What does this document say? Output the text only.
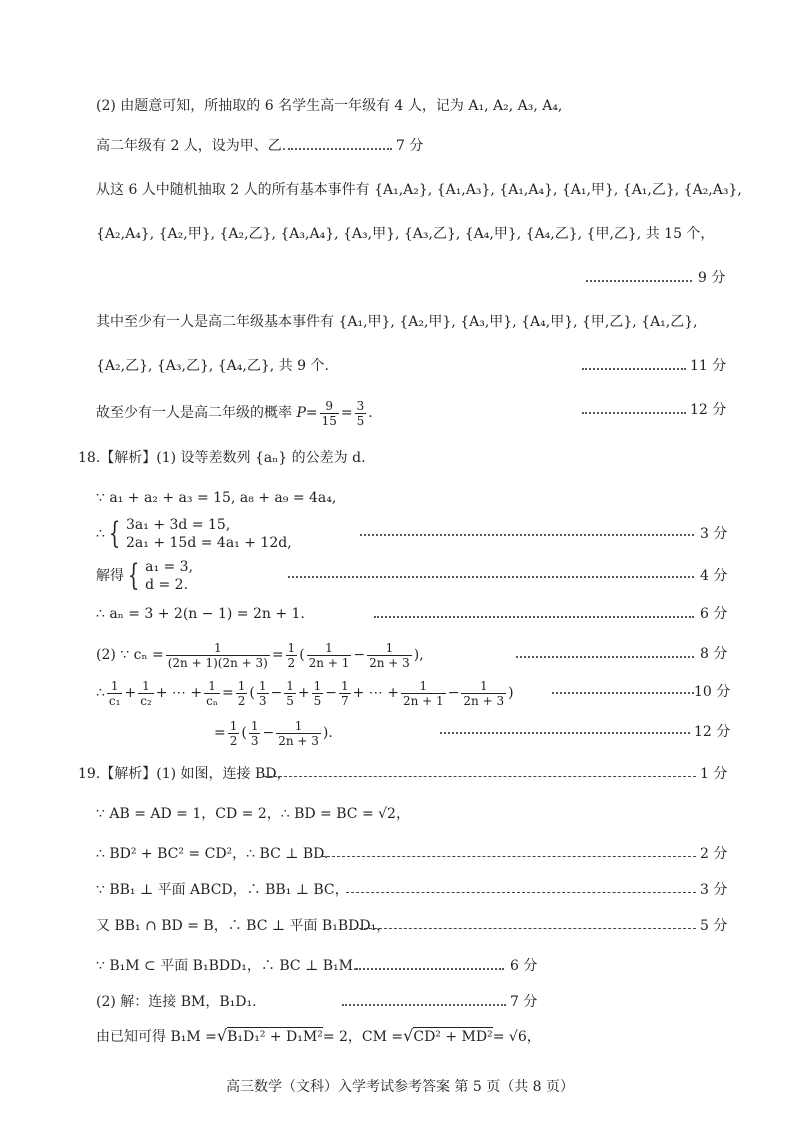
(2) 由题意可知，所抽取的 6 名学生高一年级有 4 人，记为 A₁, A₂, A₃, A₄,
高二年级有 2 人，设为甲、乙.	7 分
从这 6 人中随机抽取 2 人的所有基本事件有 {A₁,A₂}, {A₁,A₃}, {A₁,A₄}, {A₁,甲}, {A₁,乙}, {A₂,A₃},
{A₂,A₄}, {A₂,甲}, {A₂,乙}, {A₃,A₄}, {A₃,甲}, {A₃,乙}, {A₄,甲}, {A₄,乙}, {甲,乙}, 共 15 个，
9 分
其中至少有一人是高二年级基本事件有 {A₁,甲}, {A₂,甲}, {A₃,甲}, {A₄,甲}, {甲,乙}, {A₁,乙},
{A₂,乙}, {A₃,乙}, {A₄,乙}, 共 9 个.	11 分
故至少有一人是高二年级的概率 $P= \frac{9}{15} = \frac{3}{5}$ .	12 分
18.【解析】(1) 设等差数列 {aₙ} 的公差为 d.
∵ a₁ + a₂ + a₃ = 15, a₈ + a₉ = 4a₄,
∴ { 3a₁ + 3d = 15,
2a₁ + 15d = 4a₁ + 12d,
3 分
解得 { a₁ = 3,
d = 2.
4 分
∴ aₙ = 3 + 2(n − 1) = 2n + 1.	6 分
(2) ∵ $c_n = \frac{1}{(2n + 1)(2n + 3)} = \frac{1}{2}$ ( $\frac{1}{2n + 1} - \frac{1}{2n + 3}$ ),	8 分
∴ $\frac{1}{\text{c₁}} + \frac{1}{\text{c₂}}$ + ⋯ + $\frac{1}{\text{cₙ}} = \frac{1}{2}$ ( $\frac{1}{3} - \frac{1}{5} + \frac{1}{5} - \frac{1}{7}$ + ⋯ + $\frac{1}{2n + 1} - \frac{1}{2n + 3}$ )	10 分
= $\frac{1}{2}$ ( $\frac{1}{3} - \frac{1}{2n + 3}$ ).	12 分
19.【解析】(1) 如图，连接 BD，	1 分
∵ AB = AD = 1，CD = 2，∴ BD = BC = √2，
∴ BD² + BC² = CD²，∴ BC ⊥ BD.	2 分
∵ BB₁ ⊥ 平面 ABCD，∴ BB₁ ⊥ BC，	3 分
又 BB₁ ∩ BD = B，∴ BC ⊥ 平面 B₁BDD₁，	5 分
∵ B₁M ⊂ 平面 B₁BDD₁，∴ BC ⊥ B₁M.	6 分
(2) 解：连接 BM，B₁D₁.	7 分
由已知可得 B₁M =√B₁D₁² + D₁M²= 2，CM =√CD² + MD²= √6，
高三数学（文科）入学考试参考答案 第 5 页（共 8 页）
